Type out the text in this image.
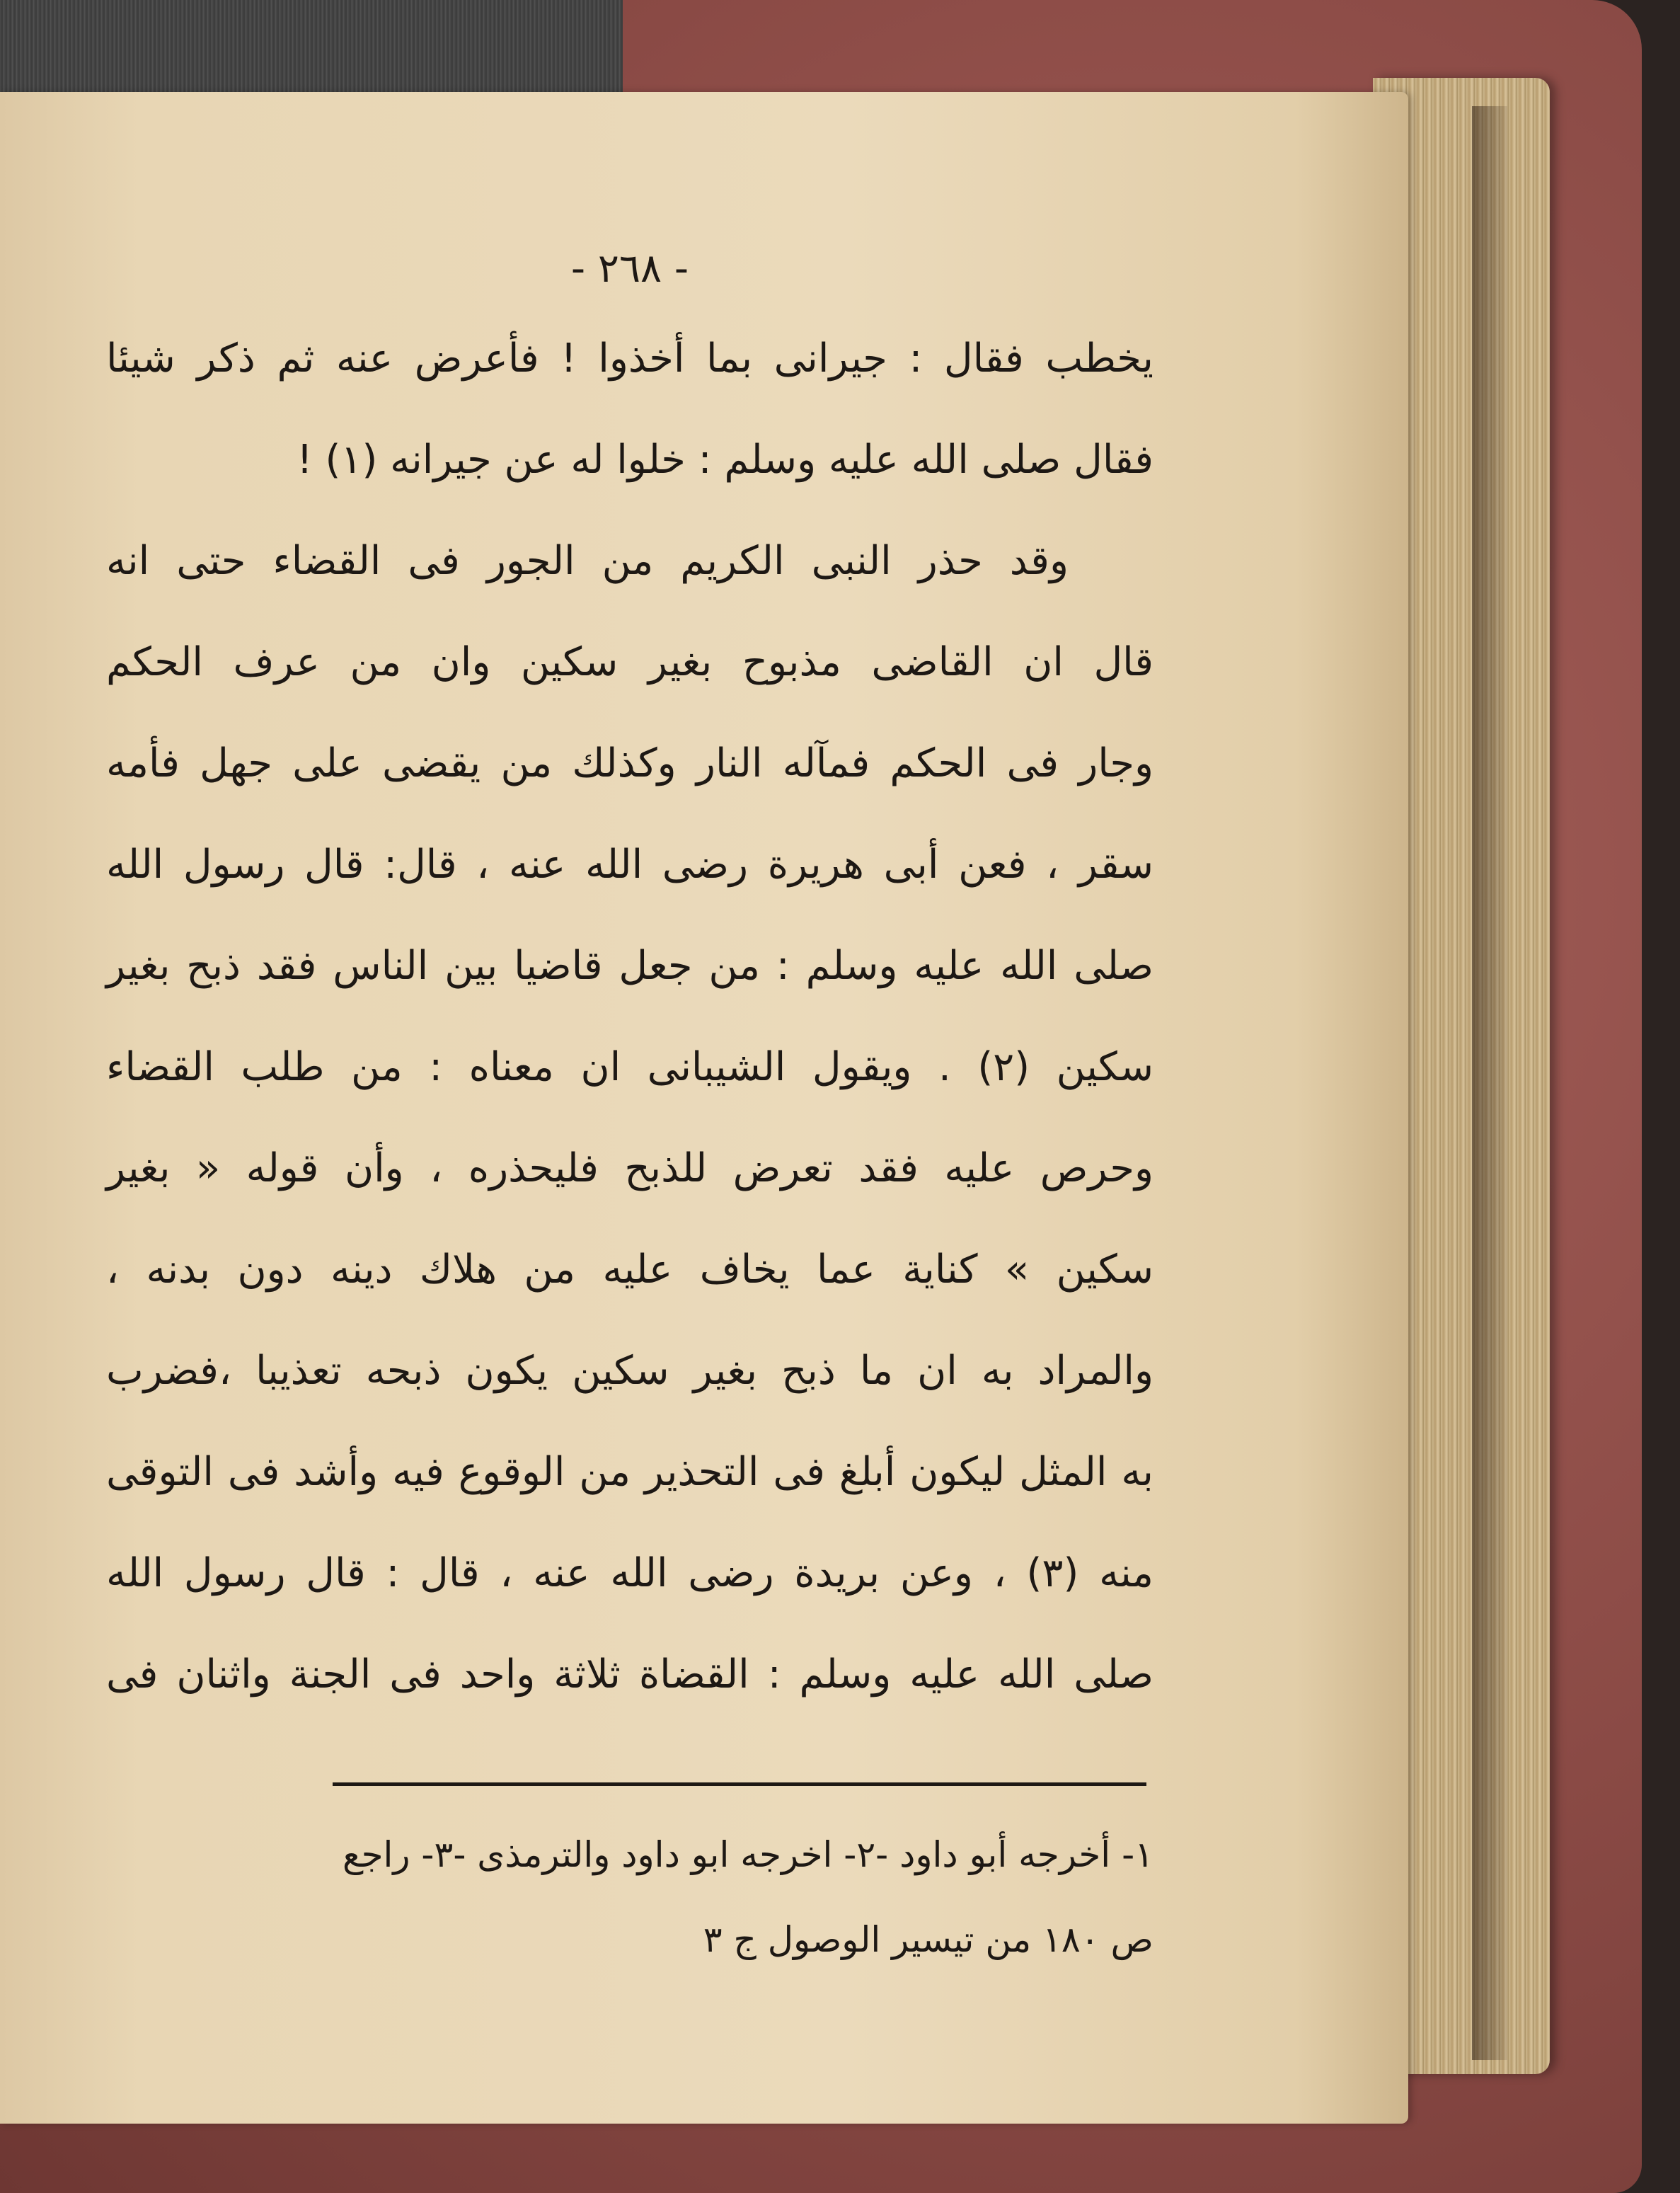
- ٢٦٨ -
يخطب فقال : جيرانى بما أخذوا ! فأعرض عنه ثم ذكر شيئا
فقال صلى الله عليه وسلم : خلوا له عن جيرانه (١) !
وقد حذر النبى الكريم من الجور فى القضاء حتى انه
قال ان القاضى مذبوح بغير سكين وان من عرف الحكم
وجار فى الحكم فمآله النار وكذلك من يقضى على جهل فأمه
سقر ، فعن أبى هريرة رضى الله عنه ، قال: قال رسول الله
صلى الله عليه وسلم : من جعل قاضيا بين الناس فقد ذبح بغير
سكين (٢) . ويقول الشيبانى ان معناه : من طلب القضاء
وحرص عليه فقد تعرض للذبح فليحذره ، وأن قوله « بغير
سكين » كناية عما يخاف عليه من هلاك دينه دون بدنه ،
والمراد به ان ما ذبح بغير سكين يكون ذبحه تعذيبا ،فضرب
به المثل ليكون أبلغ فى التحذير من الوقوع فيه وأشد فى التوقى
منه (٣) ، وعن بريدة رضى الله عنه ، قال : قال رسول الله
صلى الله عليه وسلم : القضاة ثلاثة واحد فى الجنة واثنان فى
١- أخرجه أبو داود -٢- اخرجه ابو داود والترمذى -٣- راجع
ص ١٨٠ من تيسير الوصول ج ٣
